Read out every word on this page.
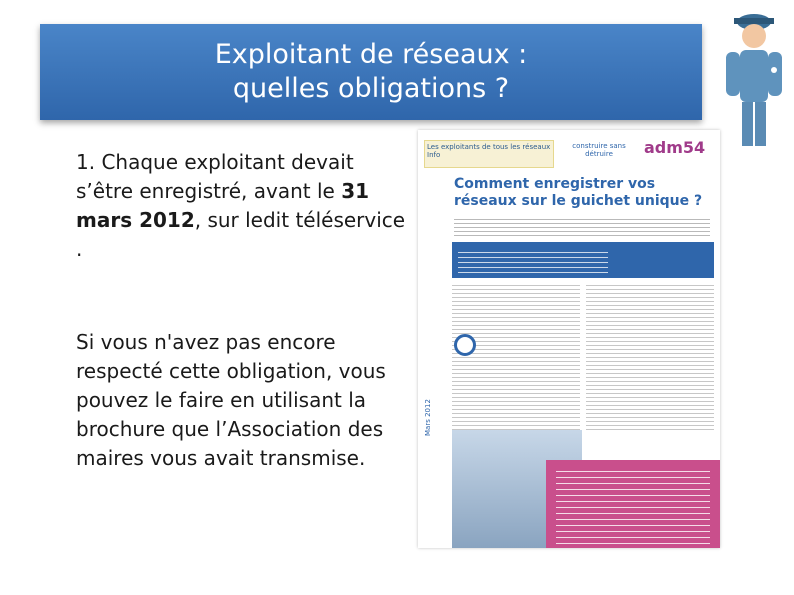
Exploitant de réseaux :
quelles obligations ?
1. Chaque exploitant devait s’être enregistré, avant le 31 mars 2012, sur ledit téléservice .
Si vous n'avez pas encore respecté cette obligation, vous pouvez le faire en utilisant la brochure que l’Association des maires vous avait transmise.
Les exploitants de tous les réseaux Info
construire sans détruire	adm54
Comment enregistrer vos réseaux sur le guichet unique ?
Mars 2012
